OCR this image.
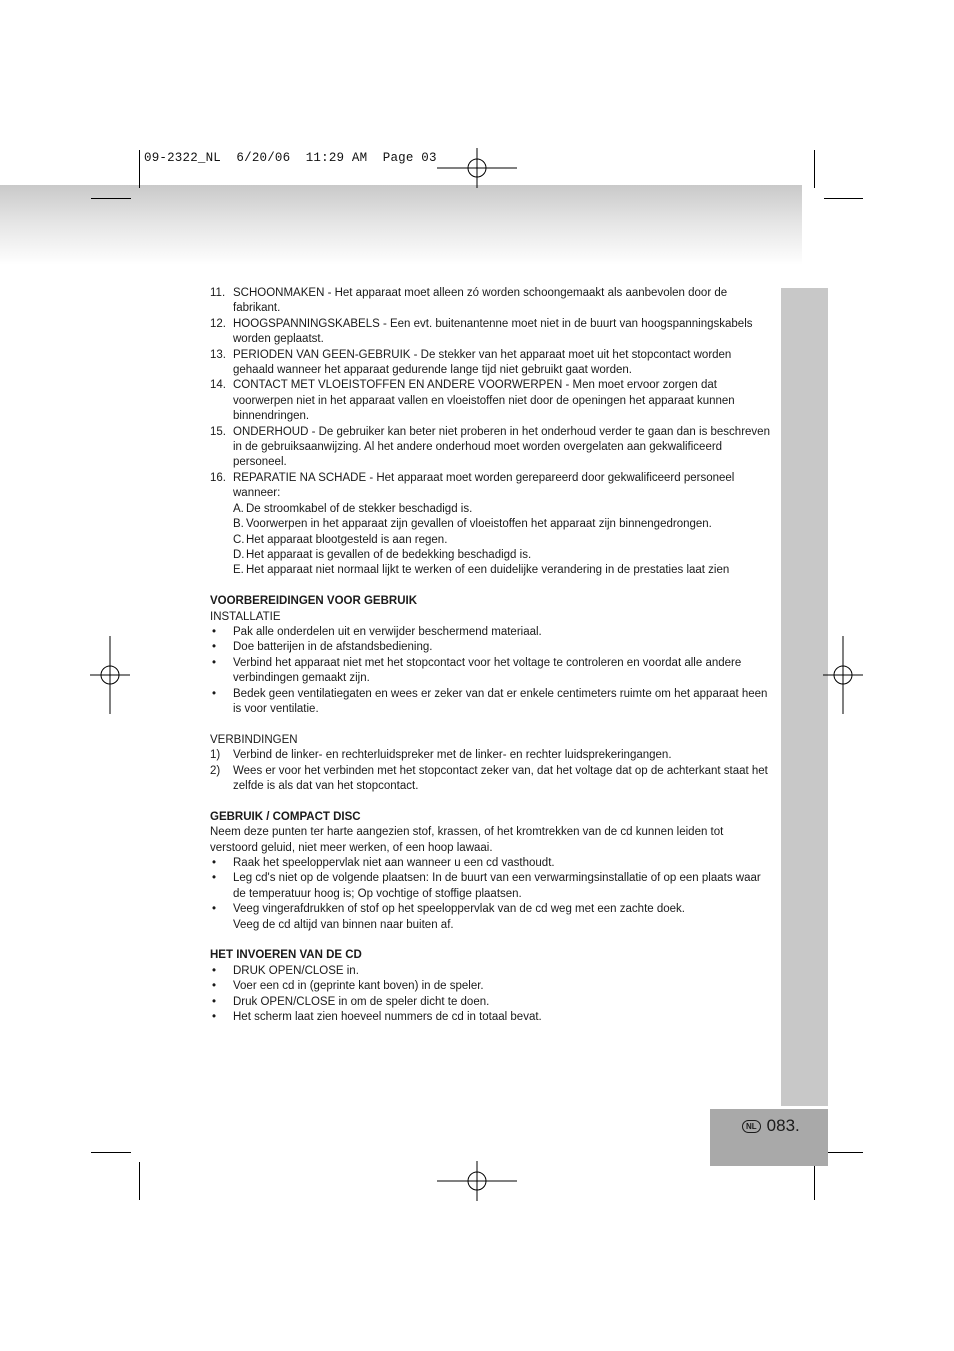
09-2322_NL  6/20/06  11:29 AM  Page 03
NL 083.
11. SCHOONMAKEN - Het apparaat moet alleen zó worden schoongemaakt als aanbevolen door de fabrikant.
12. HOOGSPANNINGSKABELS - Een evt. buitenantenne moet niet in de buurt van hoogspanningskabels worden geplaatst.
13. PERIODEN VAN GEEN-GEBRUIK - De stekker van het apparaat moet uit het stopcontact worden gehaald wanneer het apparaat gedurende lange tijd niet gebruikt gaat worden.
14. CONTACT MET VLOEISTOFFEN EN ANDERE VOORWERPEN - Men moet ervoor zorgen dat voorwerpen niet in het apparaat vallen en vloeistoffen niet door de openingen het apparaat kunnen binnendringen.
15. ONDERHOUD - De gebruiker kan beter niet proberen in het onderhoud verder te gaan dan is beschreven in de gebruiksaanwijzing. Al het andere onderhoud moet worden overgelaten aan gekwalificeerd personeel.
16. REPARATIE NA SCHADE - Het apparaat moet worden gerepareerd door gekwalificeerd personeel wanneer:
A. De stroomkabel of de stekker beschadigd is.
B. Voorwerpen in het apparaat zijn gevallen of vloeistoffen het apparaat zijn binnengedrongen.
C. Het apparaat blootgesteld is aan regen.
D. Het apparaat is gevallen of de bedekking beschadigd is.
E. Het apparaat niet normaal lijkt te werken of een duidelijke verandering in de prestaties laat zien

VOORBEREIDINGEN VOOR GEBRUIK

INSTALLATIE

•	Pak alle onderdelen uit en verwijder beschermend materiaal.
•	Doe batterijen in de afstandsbediening.
•	Verbind het apparaat niet met het stopcontact voor het voltage te controleren en voordat alle andere verbindingen gemaakt zijn.
•	Bedek geen ventilatiegaten en wees er zeker van dat er enkele centimeters ruimte om het apparaat heen is voor ventilatie.

VERBINDINGEN

1)	Verbind de linker- en rechterluidspreker met de linker- en rechter luidsprekeringangen.
2)	Wees er voor het verbinden met het stopcontact zeker van, dat het voltage dat op de achterkant staat het zelfde is als dat van het stopcontact.

GEBRUIK / COMPACT DISC

Neem deze punten ter harte aangezien stof, krassen, of het kromtrekken van de cd kunnen leiden tot verstoord geluid, niet meer werken, of een hoop lawaai.

•	Raak het speeloppervlak niet aan wanneer u een cd vasthoudt.
•	Leg cd's niet op de volgende plaatsen: In de buurt van een verwarmingsinstallatie of op een plaats waar de temperatuur hoog is; Op vochtige of stoffige plaatsen.
•	Veeg vingerafdrukken of stof op het speeloppervlak van de cd weg met een zachte doek.

Veeg de cd altijd van binnen naar buiten af.

HET INVOEREN VAN DE CD

•	DRUK OPEN/CLOSE in.
•	Voer een cd in (geprinte kant boven) in de speler.
•	Druk OPEN/CLOSE in om de speler dicht te doen.
•	Het scherm laat zien hoeveel nummers de cd in totaal bevat.
